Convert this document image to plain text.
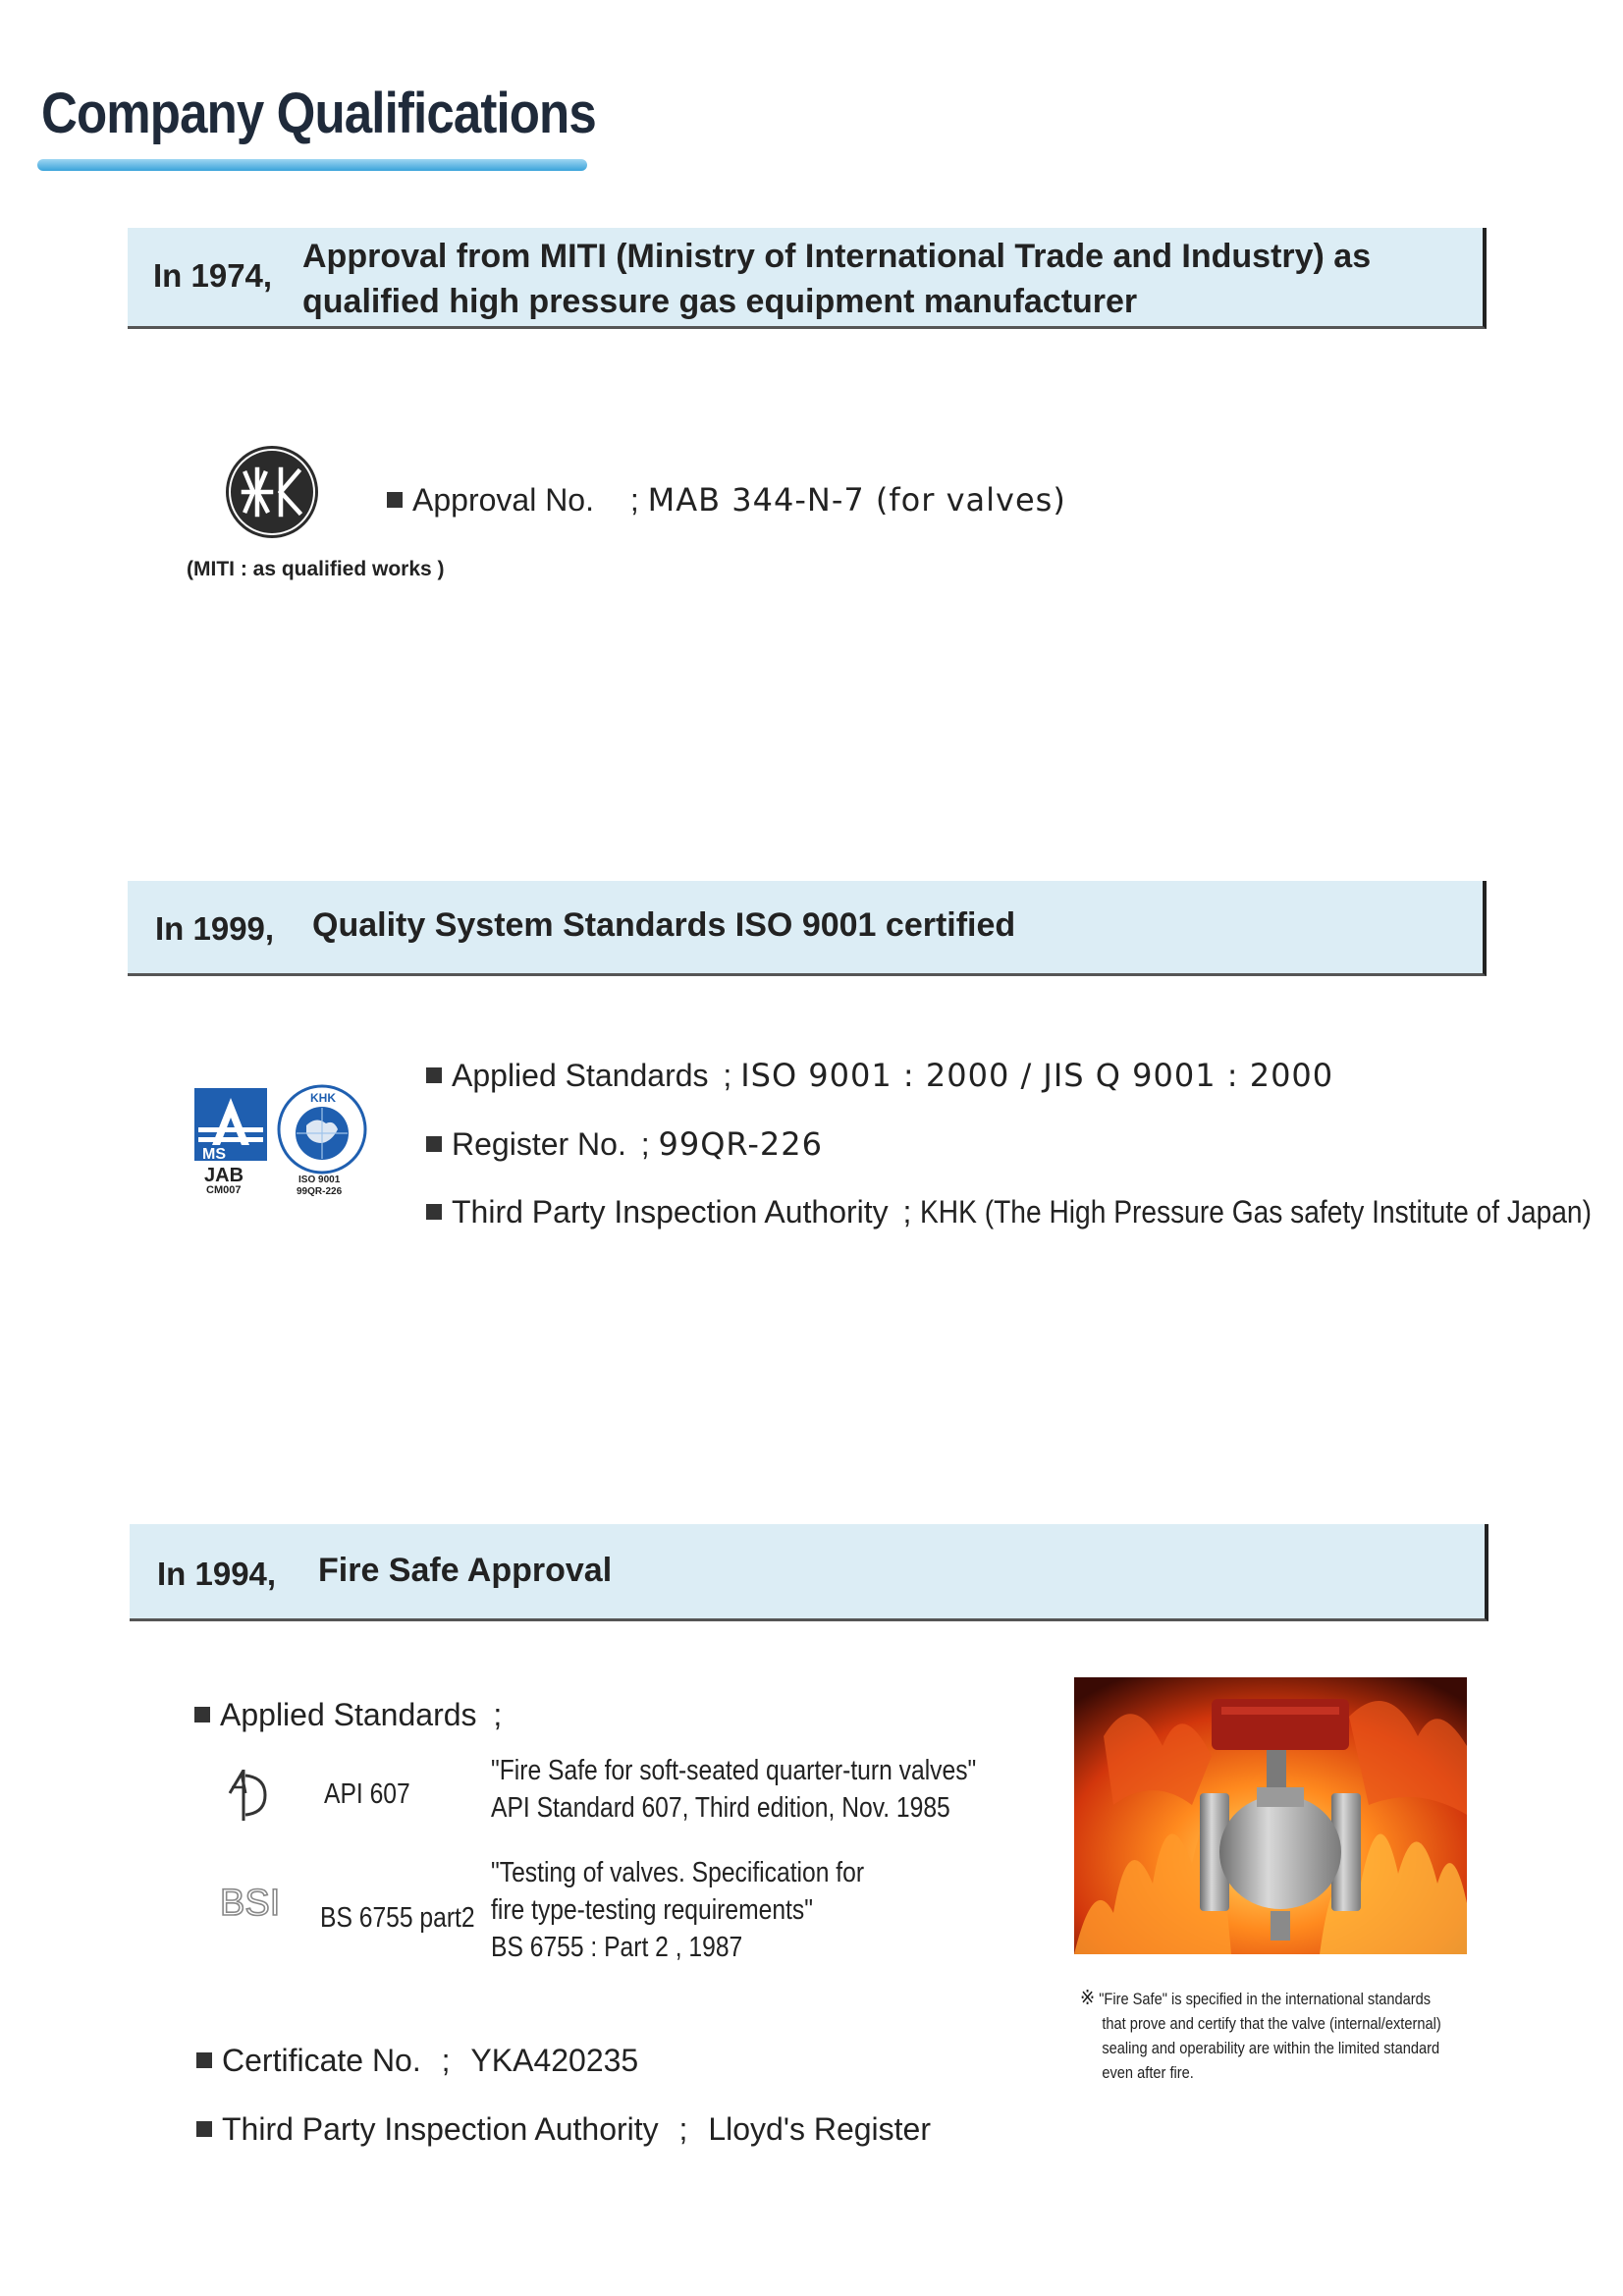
Company Qualifications
In 1974,
Approval from MITI (Ministry of International Trade and Industry) as
qualified high pressure gas equipment manufacturer
(MITI : as qualified works )
Approval No. ; MAB 344-N-7 (for valves)
In 1999, Quality System Standards ISO 9001 certified
MS
JAB
CM007
KHK
ISO 9001
99QR-226
Applied Standards ; ISO 9001 : 2000 / JIS Q 9001 : 2000
Register No. ; 99QR-226
Third Party Inspection Authority ; KHK (The High Pressure Gas safety Institute of Japan)
In 1994, Fire Safe Approval
Applied Standards ;
API 607
"Fire Safe for soft-seated quarter-turn valves"
API Standard 607, Third edition, Nov. 1985
BSI BS 6755 part2
"Testing of valves. Specification for
fire type-testing requirements"
BS 6755 : Part 2 , 1987
※ "Fire Safe" is specified in the international standards
that prove and certify that the valve (internal/external)
sealing and operability are within the limited standard
even after fire.
Certificate No. ; YKA420235
Third Party Inspection Authority ; Lloyd's Register
